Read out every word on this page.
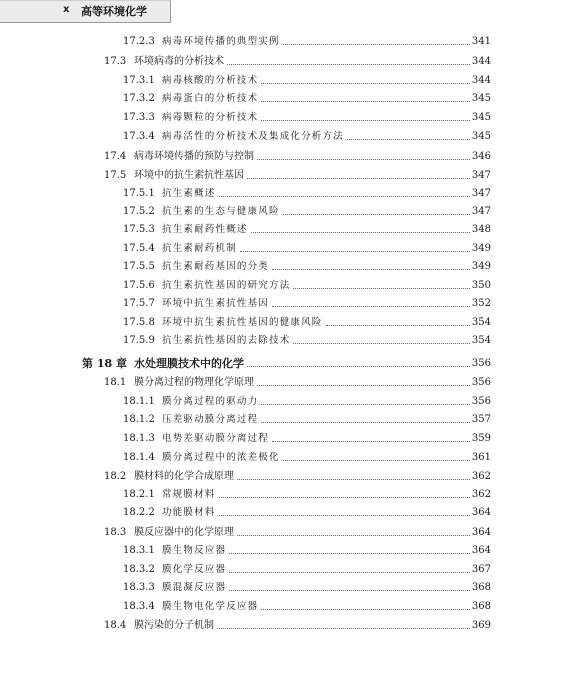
x 高等环境化学
17.2.3 病毒环境传播的典型实例	341
17.3 环境病毒的分析技术	344
17.3.1 病毒核酸的分析技术	344
17.3.2 病毒蛋白的分析技术	345
17.3.3 病毒颗粒的分析技术	345
17.3.4 病毒活性的分析技术及集成化分析方法	345
17.4 病毒环境传播的预防与控制	346
17.5 环境中的抗生素抗性基因	347
17.5.1 抗生素概述	347
17.5.2 抗生素的生态与健康风险	347
17.5.3 抗生素耐药性概述	348
17.5.4 抗生素耐药机制	349
17.5.5 抗生素耐药基因的分类	349
17.5.6 抗生素抗性基因的研究方法	350
17.5.7 环境中抗生素抗性基因	352
17.5.8 环境中抗生素抗性基因的健康风险	354
17.5.9 抗生素抗性基因的去除技术	354
第 18 章 水处理膜技术中的化学	356
18.1 膜分离过程的物理化学原理	356
18.1.1 膜分离过程的驱动力	356
18.1.2 压差驱动膜分离过程	357
18.1.3 电势差驱动膜分离过程	359
18.1.4 膜分离过程中的浓差极化	361
18.2 膜材料的化学合成原理	362
18.2.1 常规膜材料	362
18.2.2 功能膜材料	364
18.3 膜反应器中的化学原理	364
18.3.1 膜生物反应器	364
18.3.2 膜化学反应器	367
18.3.3 膜混凝反应器	368
18.3.4 膜生物电化学反应器	368
18.4 膜污染的分子机制	369
